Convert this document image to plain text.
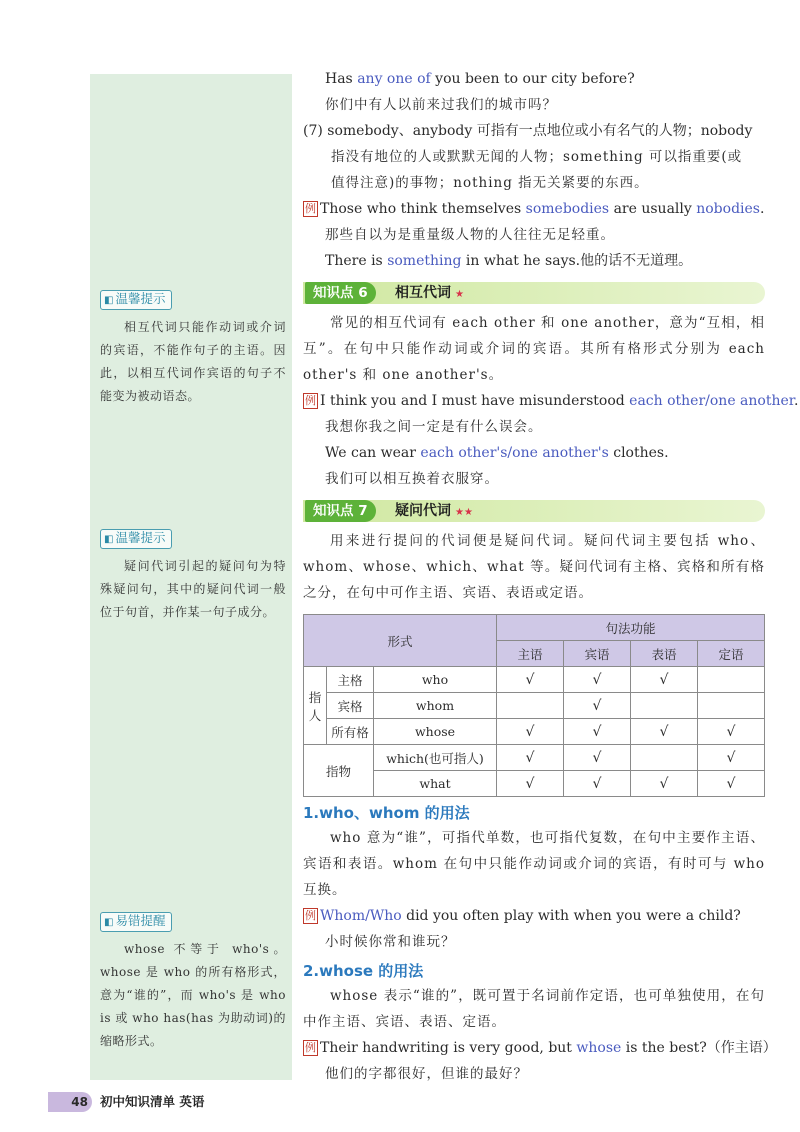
◧ 温馨提示

相互代词只能作动词或介词的宾语，不能作句子的主语。因此，以相互代词作宾语的句子不能变为被动语态。

◧ 温馨提示

疑问代词引起的疑问句为特殊疑问句，其中的疑问代词一般位于句首，并作某一句子成分。

◧ 易错提醒

whose 不等于 who's。whose 是 who 的所有格形式，意为“谁的”，而 who's 是 who is 或 who has(has 为助动词)的缩略形式。

Has any one of you been to our city before?
你们中有人以前来过我们的城市吗？
(7) somebody、anybody 可指有一点地位或小有名气的人物；nobody
指没有地位的人或默默无闻的人物；something 可以指重要(或
值得注意)的事物；nothing 指无关紧要的东西。
例 Those who think themselves somebodies are usually nobodies.
那些自以为是重量级人物的人往往无足轻重。
There is something in what he says.他的话不无道理。
知识点 6	相互代词 ★

常见的相互代词有 each other 和 one another，意为“互相，相互”。在句中只能作动词或介词的宾语。其所有格形式分别为 each other's 和 one another's。

例 I think you and I must have misunderstood each other/one another.
我想你我之间一定是有什么误会。
We can wear each other's/one another's clothes.
我们可以相互换着衣服穿。
知识点 7	疑问代词 ★★

用来进行提问的代词便是疑问代词。疑问代词主要包括 who、whom、whose、which、what 等。疑问代词有主格、宾格和所有格之分，在句中可作主语、宾语、表语或定语。

形式			句法功能			
			主语	宾语	表语	定语
指人	主格	who	√	√	√	
	宾格	whom		√		
	所有格	whose	√	√	√	√
指物		which(也可指人)	√	√		√
		what	√	√	√	√
1.who、whom 的用法

who 意为“谁”，可指代单数，也可指代复数，在句中主要作主语、宾语和表语。whom 在句中只能作动词或介词的宾语，有时可与 who 互换。

例 Whom/Who did you often play with when you were a child?
小时候你常和谁玩？
2.whose 的用法

whose 表示“谁的”，既可置于名词前作定语，也可单独使用，在句中作主语、宾语、表语、定语。

例 Their handwriting is very good, but whose is the best?（作主语）
他们的字都很好，但谁的最好？
48 初中知识清单 英语
